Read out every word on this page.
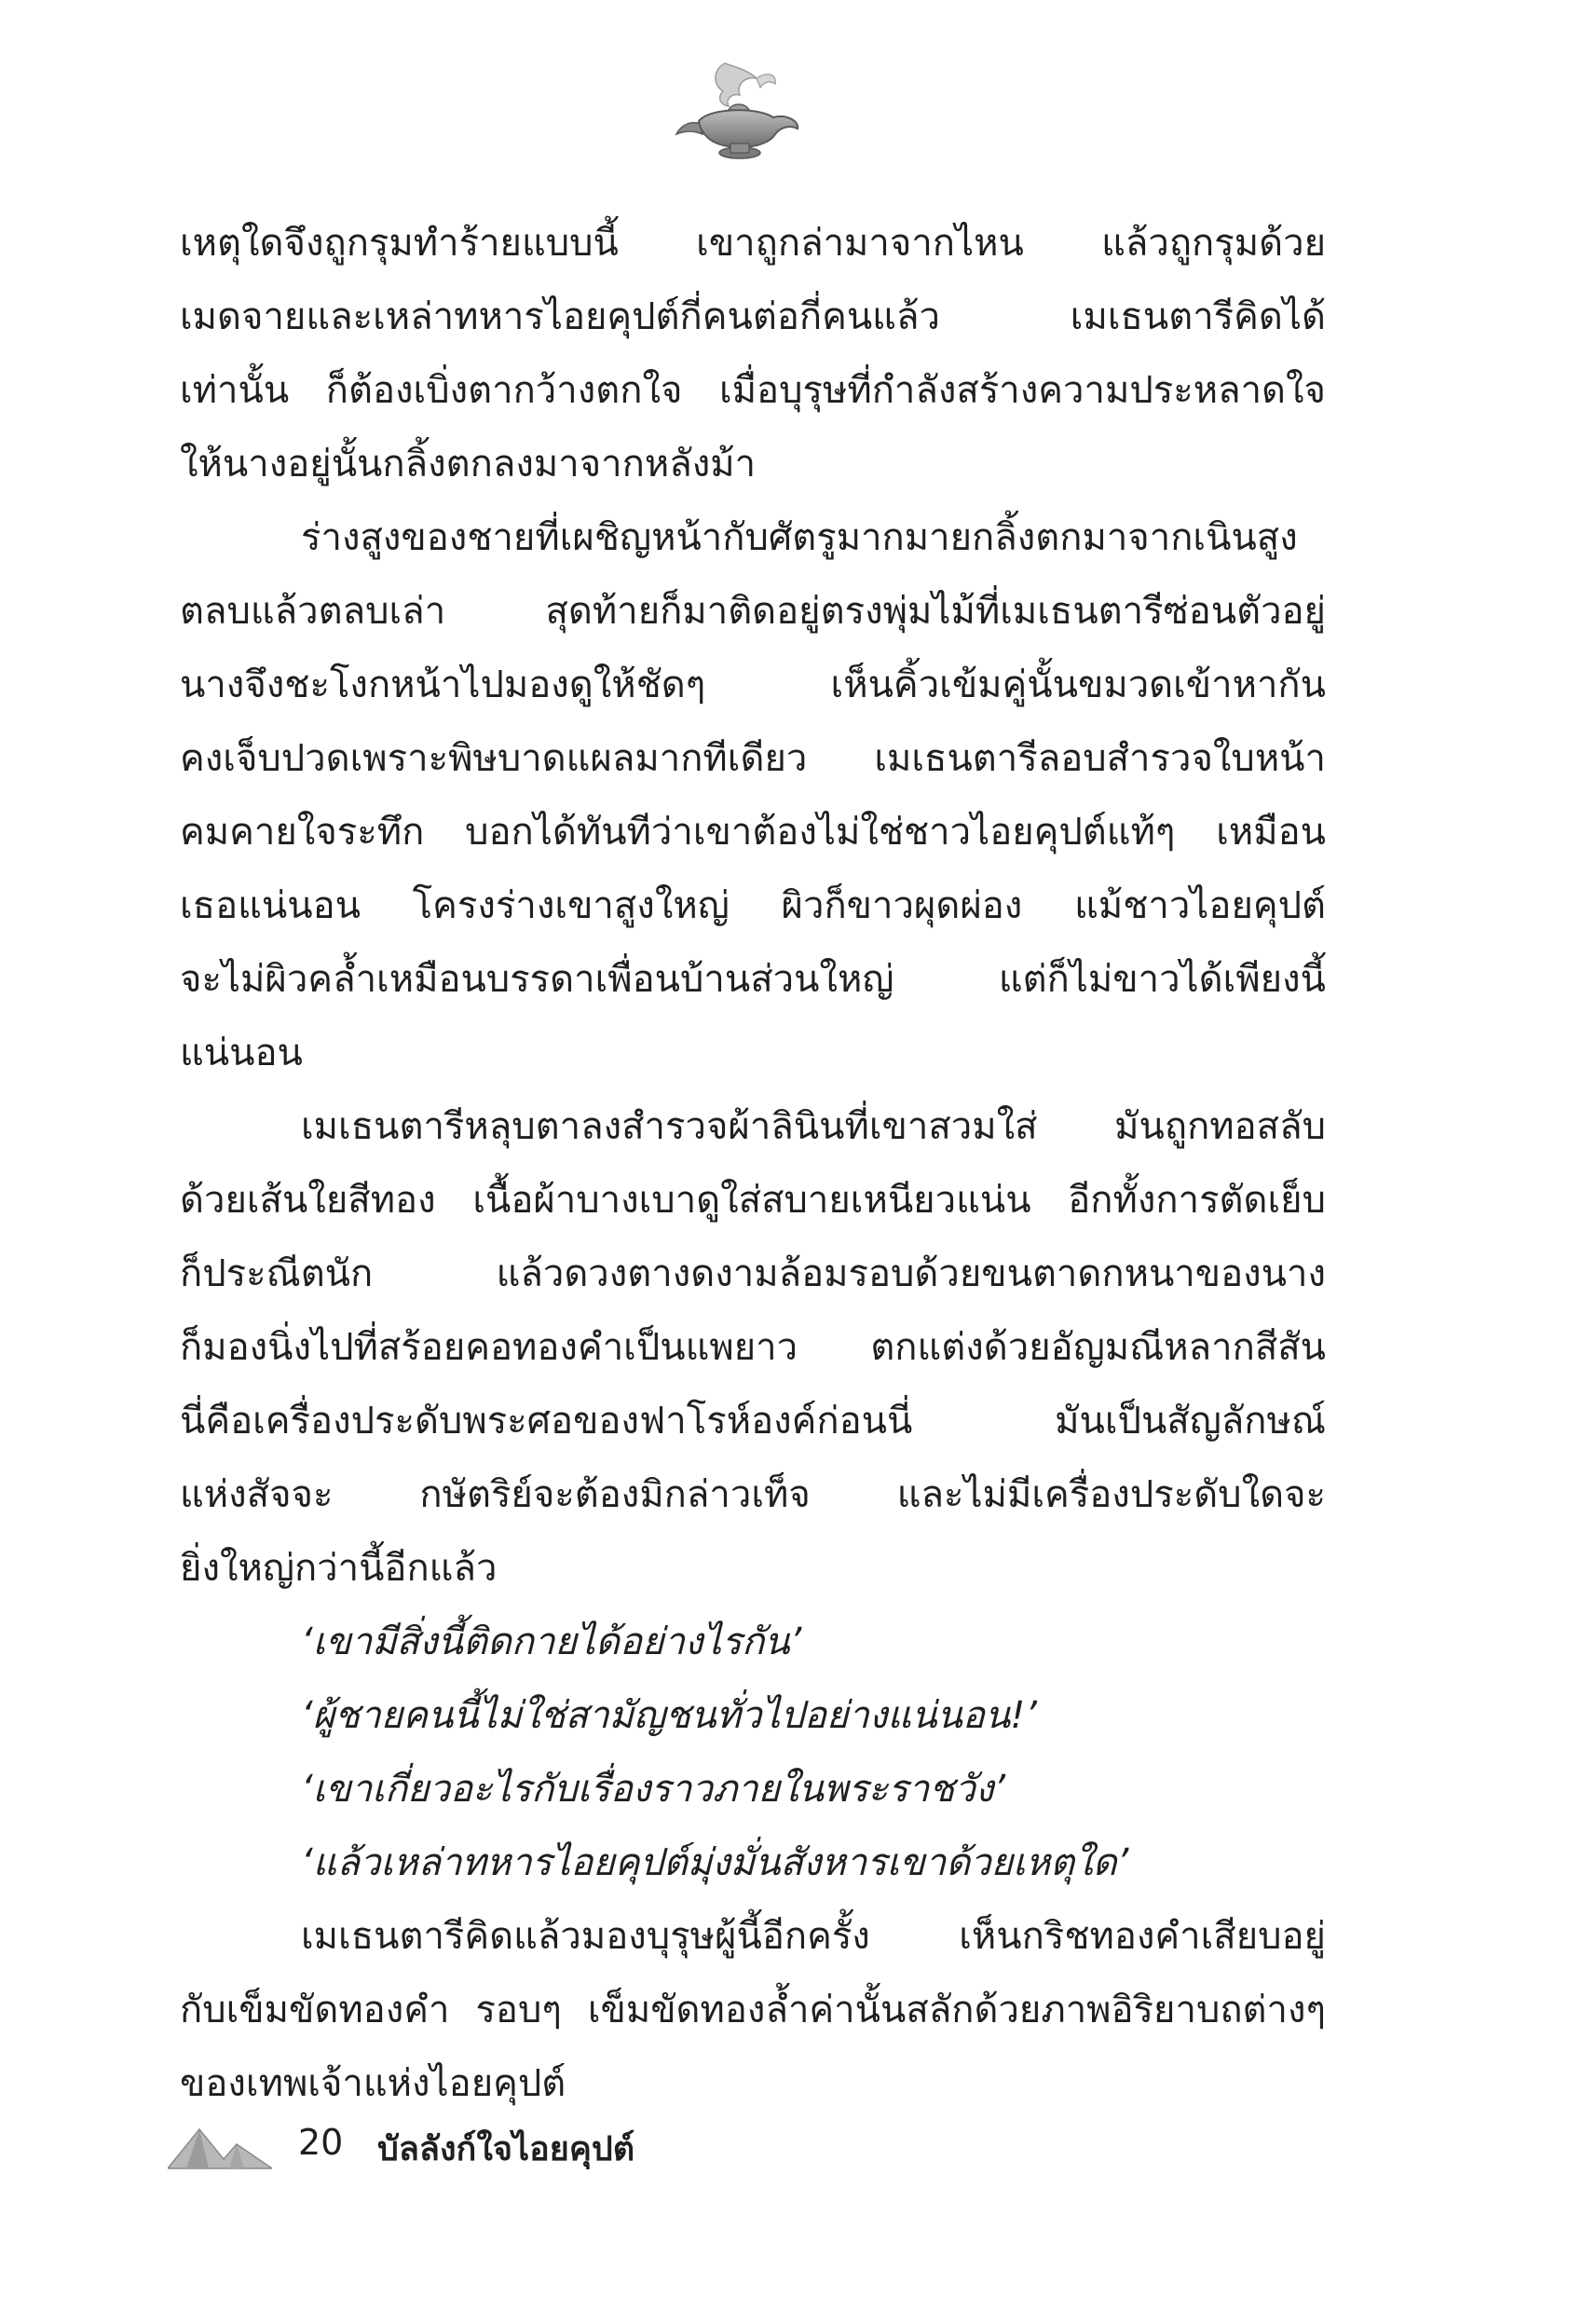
เหตุใดจึงถูกรุมทำร้ายแบบนี้ เขาถูกล่ามาจากไหน แล้วถูกรุมด้วย
เมดจายและเหล่าทหารไอยคุปต์กี่คนต่อกี่คนแล้ว เมเธนตารีคิดได้
เท่านั้น ก็ต้องเบิ่งตากว้างตกใจ เมื่อบุรุษที่กำลังสร้างความประหลาดใจ
ให้นางอยู่นั้นกลิ้งตกลงมาจากหลังม้า
ร่างสูงของชายที่เผชิญหน้ากับศัตรูมากมายกลิ้งตกมาจากเนินสูง
ตลบแล้วตลบเล่า สุดท้ายก็มาติดอยู่ตรงพุ่มไม้ที่เมเธนตารีซ่อนตัวอยู่
นางจึงชะโงกหน้าไปมองดูให้ชัดๆ เห็นคิ้วเข้มคู่นั้นขมวดเข้าหากัน
คงเจ็บปวดเพราะพิษบาดแผลมากทีเดียว เมเธนตารีลอบสำรวจใบหน้า
คมคายใจระทึก บอกได้ทันทีว่าเขาต้องไม่ใช่ชาวไอยคุปต์แท้ๆ เหมือน
เธอแน่นอน โครงร่างเขาสูงใหญ่ ผิวก็ขาวผุดผ่อง แม้ชาวไอยคุปต์
จะไม่ผิวคล้ำเหมือนบรรดาเพื่อนบ้านส่วนใหญ่ แต่ก็ไม่ขาวได้เพียงนี้
แน่นอน
เมเธนตารีหลุบตาลงสำรวจผ้าลินินที่เขาสวมใส่ มันถูกทอสลับ
ด้วยเส้นใยสีทอง เนื้อผ้าบางเบาดูใส่สบายเหนียวแน่น อีกทั้งการตัดเย็บ
ก็ประณีตนัก แล้วดวงตางดงามล้อมรอบด้วยขนตาดกหนาของนาง
ก็มองนิ่งไปที่สร้อยคอทองคำเป็นแพยาว ตกแต่งด้วยอัญมณีหลากสีสัน
นี่คือเครื่องประดับพระศอของฟาโรห์องค์ก่อนนี่ มันเป็นสัญลักษณ์
แห่งสัจจะ กษัตริย์จะต้องมิกล่าวเท็จ และไม่มีเครื่องประดับใดจะ
ยิ่งใหญ่กว่านี้อีกแล้ว
‘เขามีสิ่งนี้ติดกายได้อย่างไรกัน’
‘ผู้ชายคนนี้ไม่ใช่สามัญชนทั่วไปอย่างแน่นอน!’
‘เขาเกี่ยวอะไรกับเรื่องราวภายในพระราชวัง’
‘แล้วเหล่าทหารไอยคุปต์มุ่งมั่นสังหารเขาด้วยเหตุใด’
เมเธนตารีคิดแล้วมองบุรุษผู้นี้อีกครั้ง เห็นกริชทองคำเสียบอยู่
กับเข็มขัดทองคำ รอบๆ เข็มขัดทองล้ำค่านั้นสลักด้วยภาพอิริยาบถต่างๆ
ของเทพเจ้าแห่งไอยคุปต์
20 บัลลังก์ใจไอยคุปต์
